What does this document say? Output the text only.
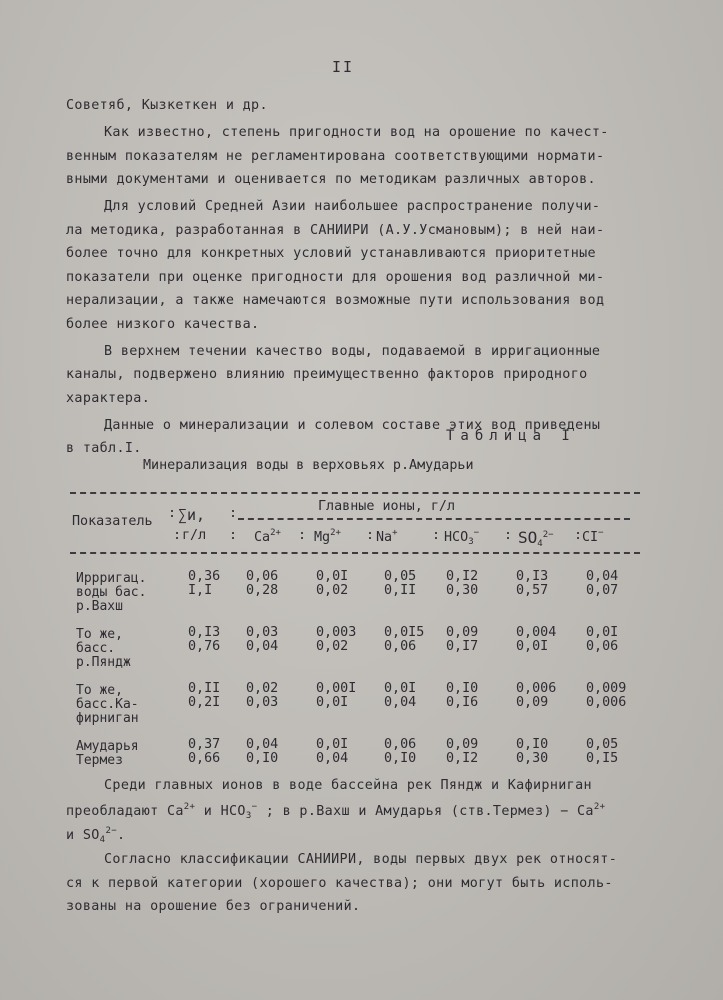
II
Советяб, Кызкеткен и др.
Как известно, степень пригодности вод на орошение по качест-
венным показателям не регламентирована соответствующими нормати-
вными документами и оценивается по методикам различных авторов.
Для условий Средней Азии наибольшее распространение получи-
ла методика, разработанная в САНИИРИ (А.У.Усмановым); в ней наи-
более точно для конкретных условий устанавливаются приоритетные
показатели при оценке пригодности для орошения вод различной ми-
нерализации, а также намечаются возможные пути использования вод
более низкого качества.
В верхнем течении качество воды, подаваемой в ирригационные
каналы, подвержено влиянию преимущественно факторов природного
характера.
Данные о минерализации и солевом составе этих вод приведены
в табл.I.
Таблица I
Минерализация воды в верховьях р.Амударьи
Показатель
: ∑и, :	Главные ионы, г/л
: г/л : $Ca^{2+}$ : $Mg^{2+}$ : Na+	: $HCO_3^-$ : $SO_4^{2-}$ : CI−
Иррригац.
воды бас.
р.Вахш
0,36
I,I
0,06
0,28
0,0I
0,02
0,05
0,II
0,I2
0,30
0,I3
0,57
0,04
0,07
То же,
басс.
р.Пяндж
0,I3
0,76
0,03
0,04
0,003
0,02
0,0I5
0,06
0,09
0,I7
0,004
0,0I
0,0I
0,06
То же,
басс.Ка-
фирниган
0,II
0,2I
0,02
0,03
0,00I
0,0I
0,0I
0,04
0,I0
0,I6
0,006
0,09
0,009
0,006
Амударья
Термез
0,37
0,66
0,04
0,I0
0,0I
0,04
0,06
0,I0
0,09
0,I2
0,I0
0,30
0,05
0,I5
Среди главных ионов в воде бассейна рек Пяндж и Кафирниган
преобладают $Ca^{2+}$ и $HCO_3^-$ ; в р.Вахш и Амударья (ств.Термез) − $Ca^{2+}$
и $SO_4^{2-}$.
Согласно классификации САНИИРИ, воды первых двух рек относят-
ся к первой категории (хорошего качества); они могут быть исполь-
зованы на орошение без ограничений.
